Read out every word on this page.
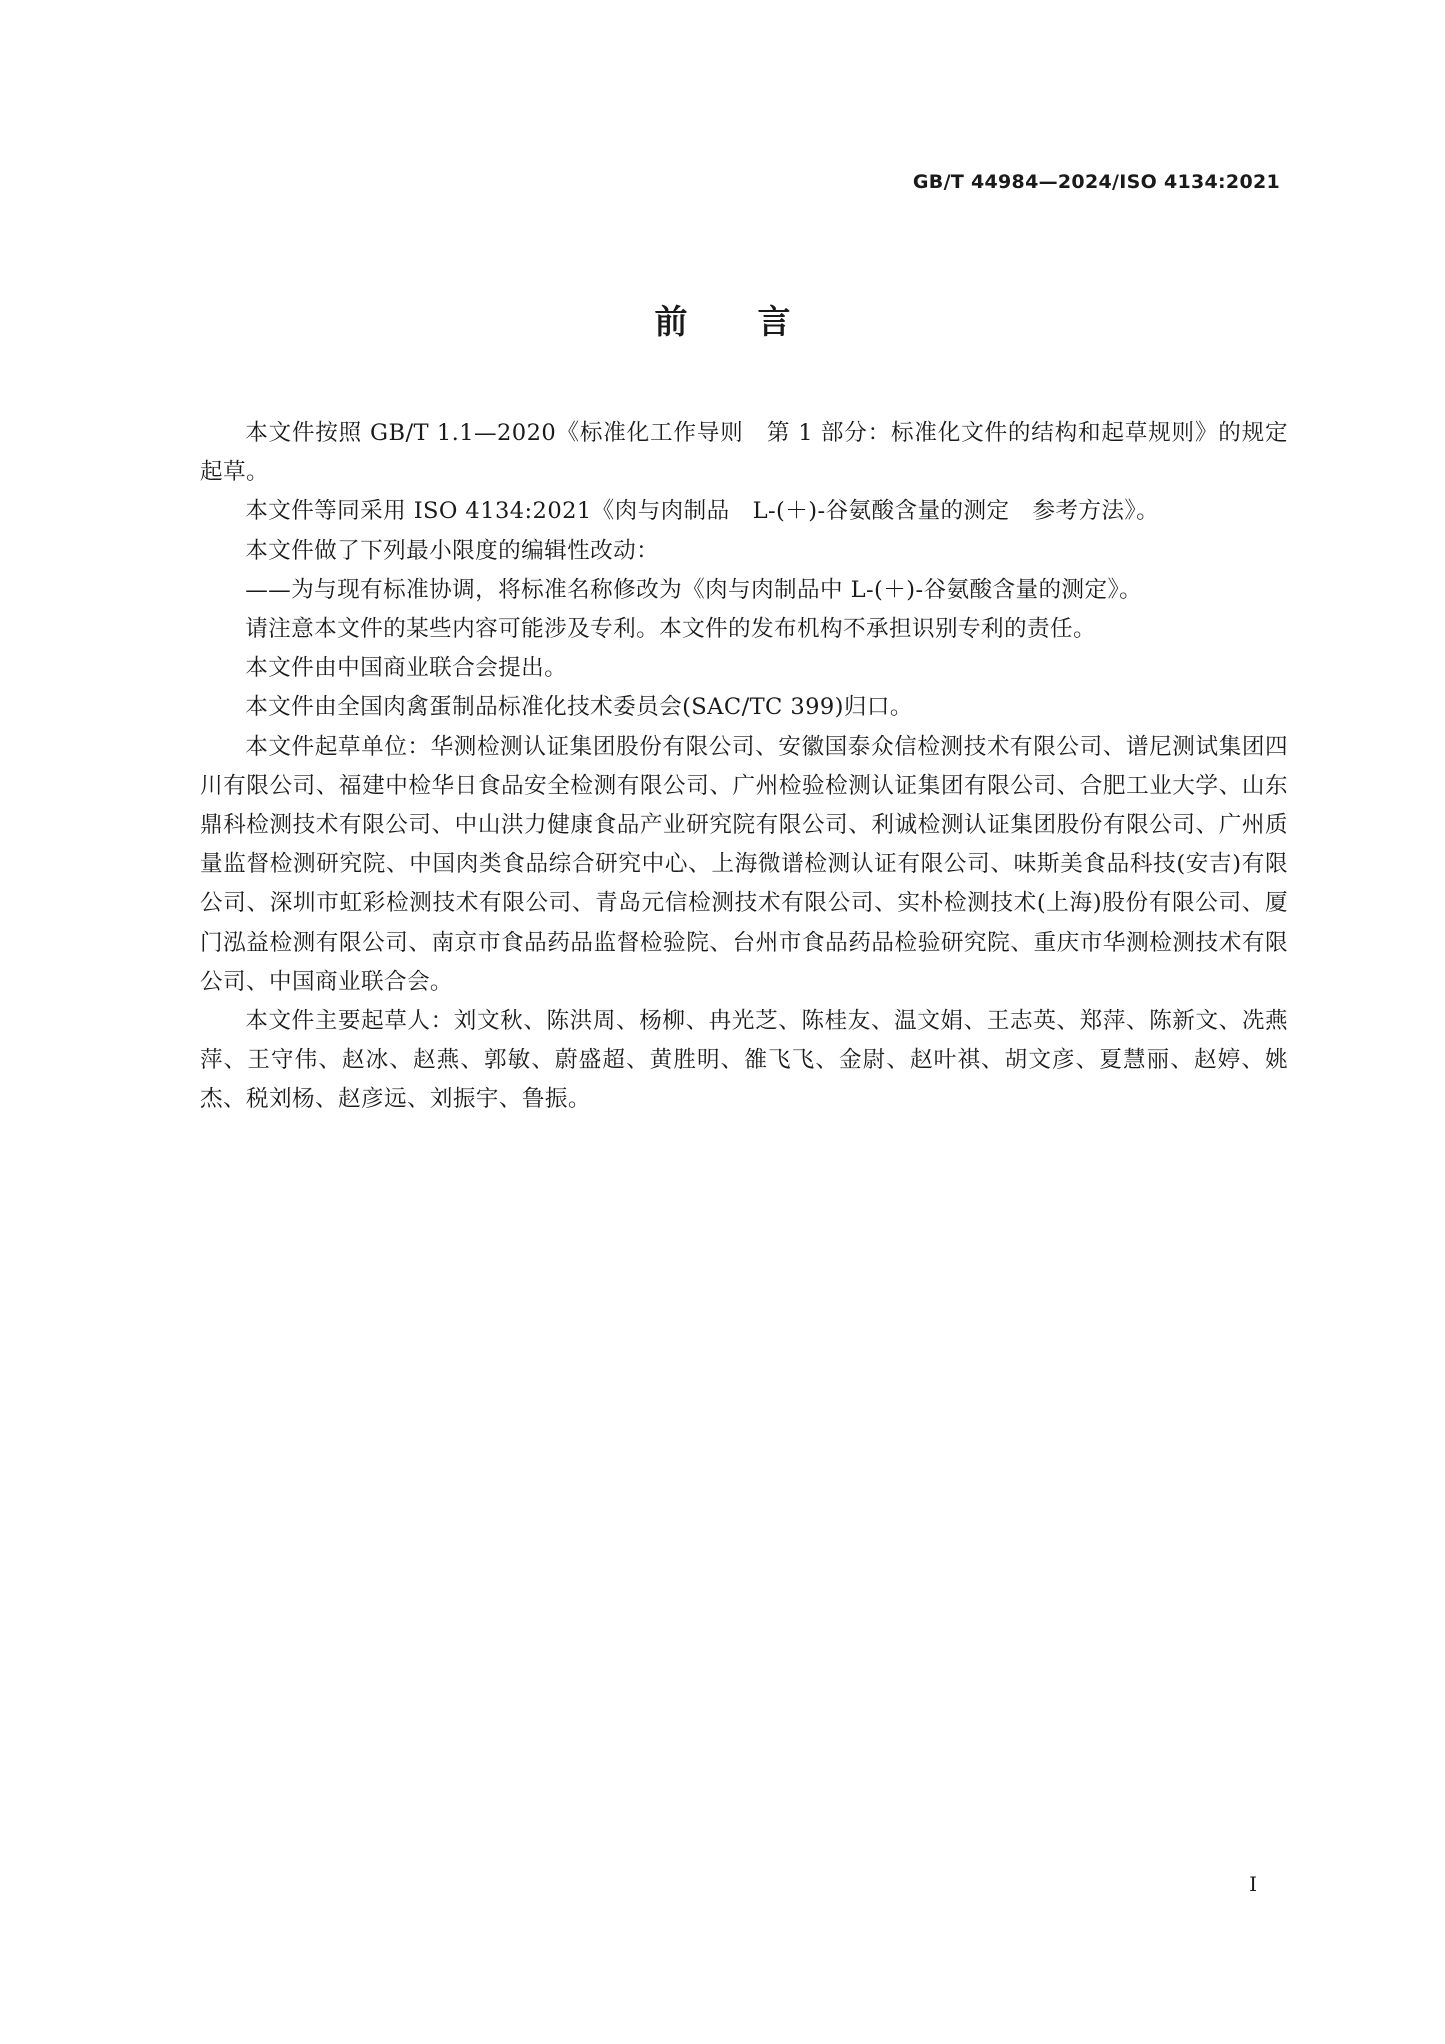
GB/T 44984—2024/ISO 4134:2021
前言

本文件按照 GB/T 1.1—2020《标准化工作导则　第 1 部分：标准化文件的结构和起草规则》的规定起草。

本文件等同采用 ISO 4134:2021《肉与肉制品　L-(＋)-谷氨酸含量的测定　参考方法》。

本文件做了下列最小限度的编辑性改动：

——为与现有标准协调，将标准名称修改为《肉与肉制品中 L-(＋)-谷氨酸含量的测定》。

请注意本文件的某些内容可能涉及专利。本文件的发布机构不承担识别专利的责任。

本文件由中国商业联合会提出。

本文件由全国肉禽蛋制品标准化技术委员会(SAC/TC 399)归口。

本文件起草单位：华测检测认证集团股份有限公司、安徽国泰众信检测技术有限公司、谱尼测试集团四川有限公司、福建中检华日食品安全检测有限公司、广州检验检测认证集团有限公司、合肥工业大学、山东鼎科检测技术有限公司、中山洪力健康食品产业研究院有限公司、利诚检测认证集团股份有限公司、广州质量监督检测研究院、中国肉类食品综合研究中心、上海微谱检测认证有限公司、味斯美食品科技(安吉)有限公司、深圳市虹彩检测技术有限公司、青岛元信检测技术有限公司、实朴检测技术(上海)股份有限公司、厦门泓益检测有限公司、南京市食品药品监督检验院、台州市食品药品检验研究院、重庆市华测检测技术有限公司、中国商业联合会。

本文件主要起草人：刘文秋、陈洪周、杨柳、冉光芝、陈桂友、温文娟、王志英、郑萍、陈新文、冼燕萍、王守伟、赵冰、赵燕、郭敏、蔚盛超、黄胜明、雒飞飞、金尉、赵叶祺、胡文彦、夏慧丽、赵婷、姚杰、税刘杨、赵彦远、刘振宇、鲁振。

I
